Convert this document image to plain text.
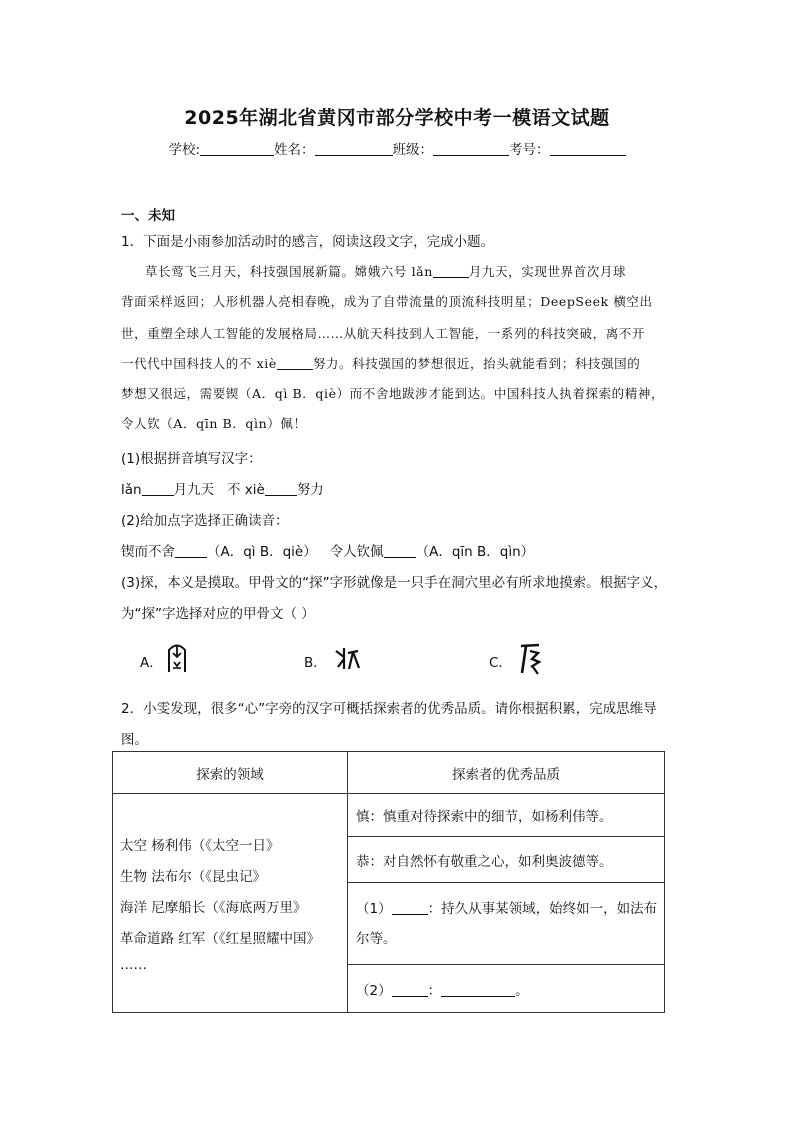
2025年湖北省黄冈市部分学校中考一模语文试题
学校:	姓名：	班级：	考号：
一、未知
1．下面是小雨参加活动时的感言，阅读这段文字，完成小题。
草长莺飞三月天，科技强国展新篇。嫦娥六号 lǎn	月九天，实现世界首次月球
背面采样返回；人形机器人亮相春晚，成为了自带流量的顶流科技明星；DeepSeek 横空出
世，重塑全球人工智能的发展格局……从航天科技到人工智能，一系列的科技突破，离不开
一代代中国科技人的不 xiè	努力。科技强国的梦想很近，抬头就能看到；科技强国的
梦想又很远，需要锲（A．qì B．qiè）而不舍地跋涉才能到达。中国科技人执着探索的精神，
令人钦（A．qīn B．qìn）佩！
(1)根据拼音填写汉字：
lǎn 月九天 不 xiè 努力
(2)给加点字选择正确读音：
锲而不舍 （A．qì B．qiè） 令人钦佩 （A．qīn B．qìn）
(3)探，本义是摸取。甲骨文的“探”字形就像是一只手在洞穴里必有所求地摸索。根据字义，
为“探”字选择对应的甲骨文（ ）
A．	B．	C．
2．小雯发现，很多“心”字旁的汉字可概括探索者的优秀品质。请你根据积累，完成思维导
图。
探索的领域	探索者的优秀品质

太空 杨利伟（《太空一日》
生物 法布尔（《昆虫记》
海洋 尼摩船长（《海底两万里》
革命道路 红军（《红星照耀中国》
……	慎：慎重对待探索中的细节，如杨利伟等。
	恭：对自然怀有敬重之心，如利奥波德等。

	（1） ：持久从事某领域，始终如一，如法布
尔等。

	（2） ： 。
